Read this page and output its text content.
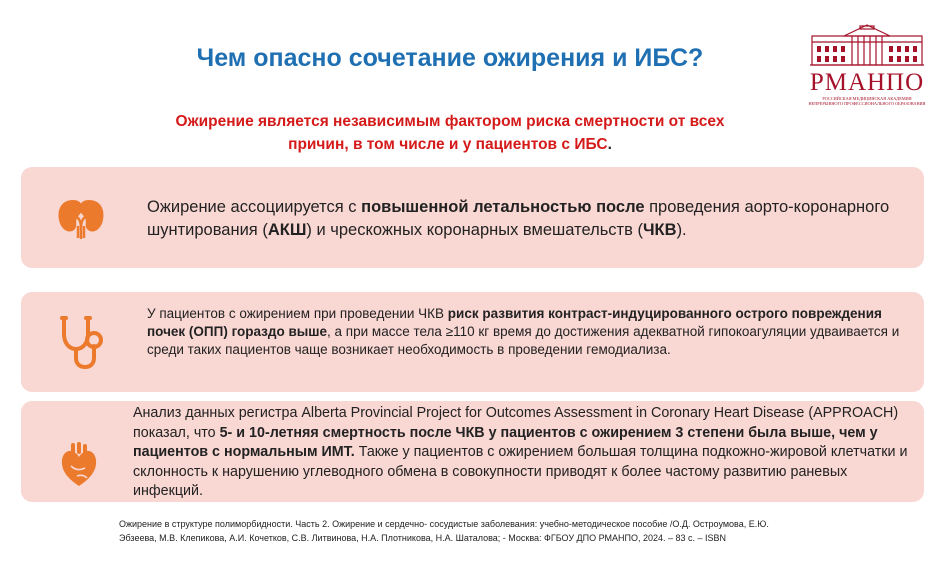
Чем опасно сочетание ожирения и ИБС?
Ожирение является независимым фактором риска смертности от всех
причин, в том числе и у пациентов с ИБС.
РМАНПО
РОССИЙСКАЯ МЕДИЦИНСКАЯ АКАДЕМИЯ
НЕПРЕРЫВНОГО ПРОФЕССИОНАЛЬНОГО ОБРАЗОВАНИЯ

Ожирение ассоциируется с повышенной летальностью после проведения аорто-коронарного шунтирования (АКШ) и чрескожных коронарных вмешательств (ЧКВ).

У пациентов с ожирением при проведении ЧКВ риск развития контраст-индуцированного острого повреждения почек (ОПП) гораздо выше, а при массе тела ≥110 кг время до достижения адекватной гипокоагуляции удваивается и среди таких пациентов чаще возникает необходимость в проведении гемодиализа.

Анализ данных регистра Alberta Provincial Project for Outcomes Assessment in Coronary Heart Disease (APPROACH) показал, что 5- и 10-летняя смертность после ЧКВ у пациентов с ожирением 3 степени была выше, чем у пациентов с нормальным ИМТ. Также у пациентов с ожирением большая толщина подкожно-жировой клетчатки и склонность к нарушению углеводного обмена в совокупности приводят к более частому развитию раневых инфекций.

Ожирение в структуре полиморбидности. Часть 2. Ожирение и сердечно- сосудистые заболевания: учебно-методическое пособие /О.Д. Остроумова, Е.Ю.
Эбзеева, М.В. Клепикова, А.И. Кочетков, С.В. Литвинова, Н.А. Плотникова, Н.А. Шаталова; - Москва: ФГБОУ ДПО РМАНПО, 2024. – 83 с. – ISBN
